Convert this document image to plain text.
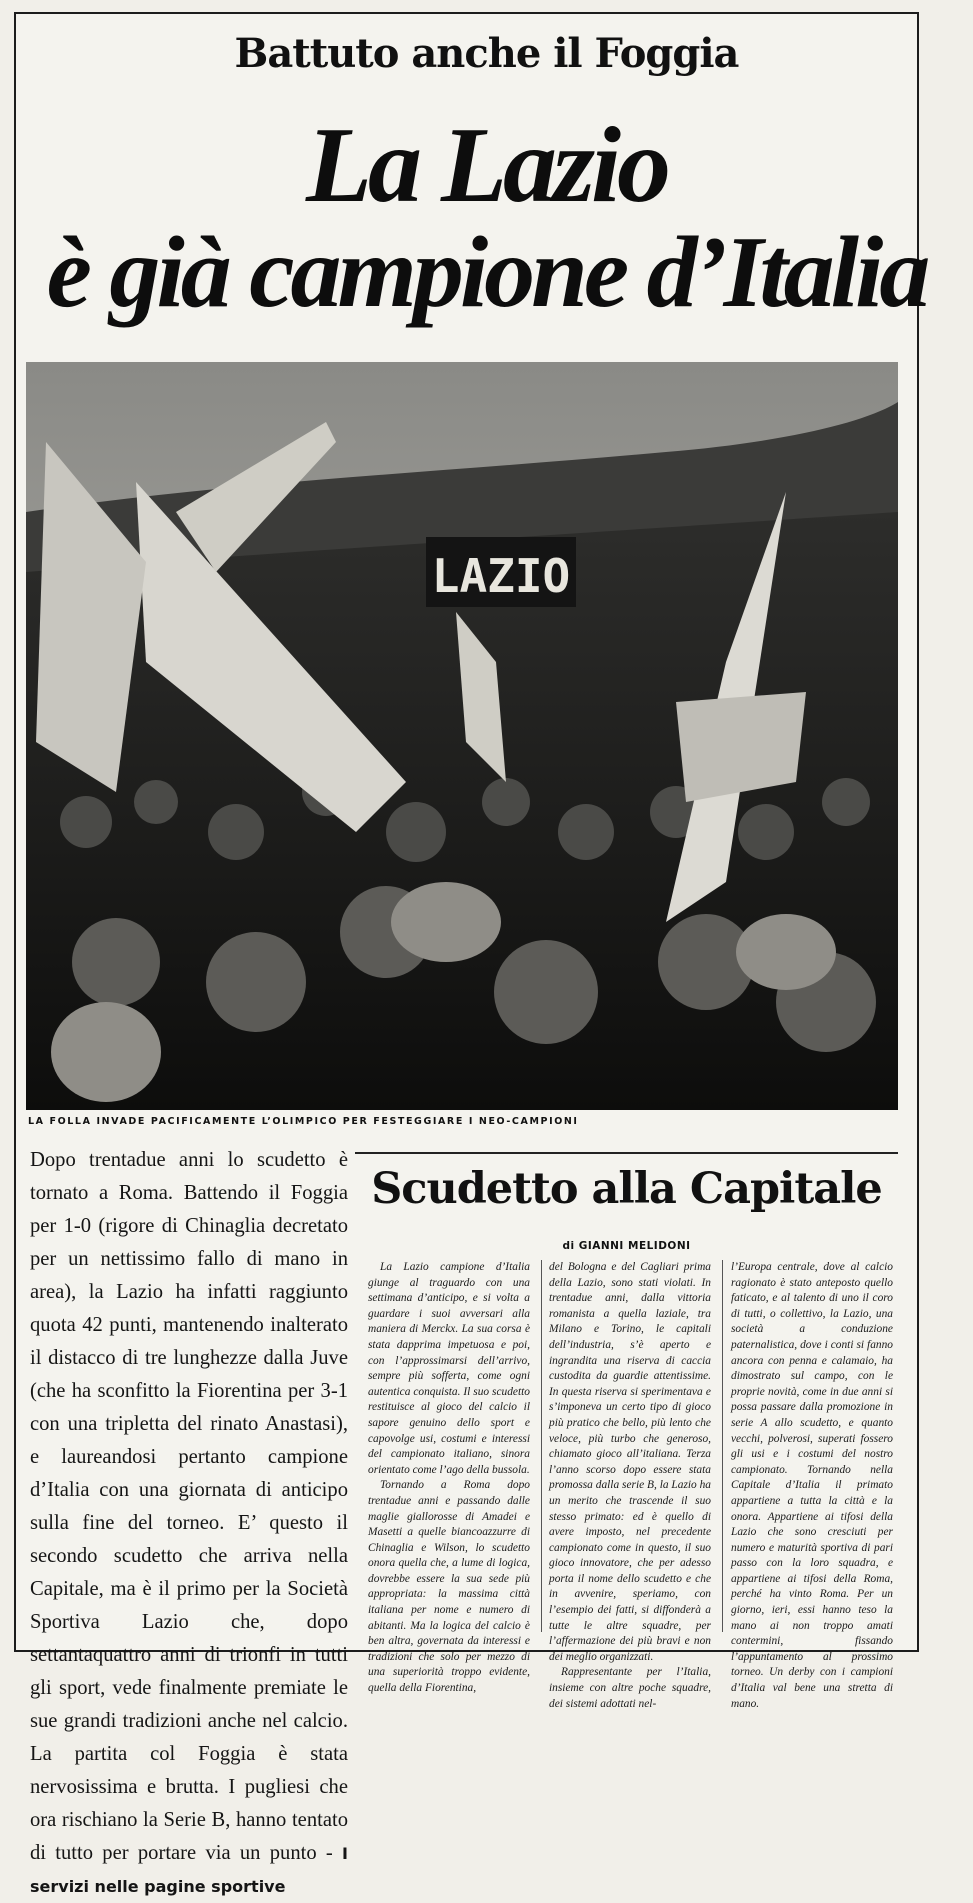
Battuto anche il Foggia
La Lazio
è già campione d’Italia
LAZIO
LA FOLLA INVADE PACIFICAMENTE L’OLIMPICO PER FESTEGGIARE I NEO-CAMPIONI
Dopo trentadue anni lo scudetto è tornato a Roma. Battendo il Foggia per 1-0 (rigore di Chinaglia decretato per un nettissimo fallo di mano in area), la Lazio ha infatti raggiunto quota 42 punti, mantenendo inalterato il distacco di tre lunghezze dalla Juve (che ha sconfitto la Fiorentina per 3-1 con una tripletta del rinato Anastasi), e laureandosi pertanto campione d’Italia con una giornata di anticipo sulla fine del torneo. E’ questo il secondo scudetto che arriva nella Capitale, ma è il primo per la Società Sportiva Lazio che, dopo settantaquattro anni di trionfi in tutti gli sport, vede finalmente premiate le sue grandi tradizioni anche nel calcio. La partita col Foggia è stata nervosissima e brutta. I pugliesi che ora rischiano la Serie B, hanno tentato di tutto per portare via un punto - I servizi nelle pagine sportive
Scudetto alla Capitale
di GIANNI MELIDONI

La Lazio campione d’Italia giunge al traguardo con una settimana d’anticipo, e si volta a guardare i suoi avversari alla maniera di Merckx. La sua corsa è stata dapprima impetuosa e poi, con l’approssimarsi dell’arrivo, sempre più sofferta, come ogni autentica conquista. Il suo scudetto restituisce al gioco del calcio il sapore genuino dello sport e capovolge usi, costumi e interessi del campionato italiano, sinora orientato come l’ago della bussola.

Tornando a Roma dopo trentadue anni e passando dalle maglie giallorosse di Amadei e Masetti a quelle biancoazzurre di Chinaglia e Wilson, lo scudetto onora quella che, a lume di logica, dovrebbe essere la sua sede più appropriata: la massima città italiana per nome e numero di abitanti. Ma la logica del calcio è ben altra, governata da interessi e tradizioni che solo per mezzo di una superiorità troppo evidente, quella della Fiorentina,

del Bologna e del Cagliari prima della Lazio, sono stati violati. In trentadue anni, dalla vittoria romanista a quella laziale, tra Milano e Torino, le capitali dell’industria, s’è aperto e ingrandita una riserva di caccia custodita da guardie attentissime. In questa riserva si sperimentava e s’imponeva un certo tipo di gioco più pratico che bello, più lento che veloce, più turbo che generoso, chiamato gioco all’italiana. Terza l’anno scorso dopo essere stata promossa dalla serie B, la Lazio ha un merito che trascende il suo stesso primato: ed è quello di avere imposto, nel precedente campionato come in questo, il suo gioco innovatore, che per adesso porta il nome dello scudetto e che in avvenire, speriamo, con l’esempio dei fatti, si diffonderà a tutte le altre squadre, per l’affermazione dei più bravi e non dei meglio organizzati.

Rappresentante per l’Italia, insieme con altre poche squadre, dei sistemi adottati nel-

l’Europa centrale, dove al calcio ragionato è stato anteposto quello faticato, e al talento di uno il coro di tutti, o collettivo, la Lazio, una società a conduzione paternalistica, dove i conti si fanno ancora con penna e calamaio, ha dimostrato sul campo, con le proprie novità, come in due anni si possa passare dalla promozione in serie A allo scudetto, e quanto vecchi, polverosi, superati fossero gli usi e i costumi del nostro campionato. Tornando nella Capitale d’Italia il primato appartiene a tutta la città e la onora. Appartiene ai tifosi della Lazio che sono cresciuti per numero e maturità sportiva di pari passo con la loro squadra, e appartiene ai tifosi della Roma, perché ha vinto Roma. Per un giorno, ieri, essi hanno teso la mano ai non troppo amati contermini, fissando l’appuntamento al prossimo torneo. Un derby con i campioni d’Italia val bene una stretta di mano.
